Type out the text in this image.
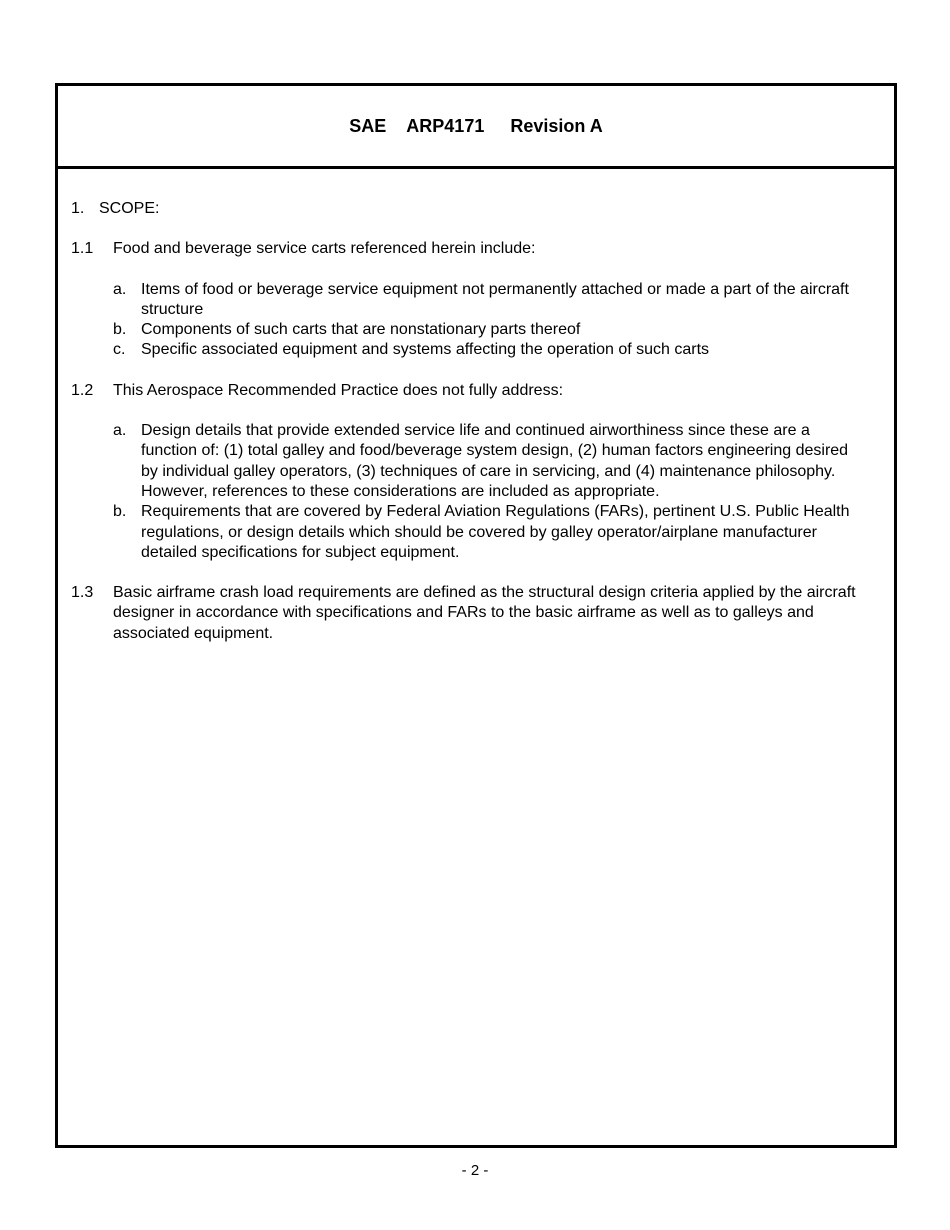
SAE ARP4171 Revision A
1. SCOPE:
1.1	Food and beverage service carts referenced herein include:
a. Items of food or beverage service equipment not permanently attached or made a part of the aircraft structure
b. Components of such carts that are nonstationary parts thereof
c. Specific associated equipment and systems affecting the operation of such carts
1.2	This Aerospace Recommended Practice does not fully address:
a. Design details that provide extended service life and continued airworthiness since these are a function of: (1) total galley and food/beverage system design, (2) human factors engineering desired by individual galley operators, (3) techniques of care in servicing, and (4) maintenance philosophy. However, references to these considerations are included as appropriate.
b. Requirements that are covered by Federal Aviation Regulations (FARs), pertinent U.S. Public Health regulations, or design details which should be covered by galley operator/airplane manufacturer detailed specifications for subject equipment.
1.3	Basic airframe crash load requirements are defined as the structural design criteria applied by the aircraft designer in accordance with specifications and FARs to the basic airframe as well as to galleys and associated equipment.
- 2 -
